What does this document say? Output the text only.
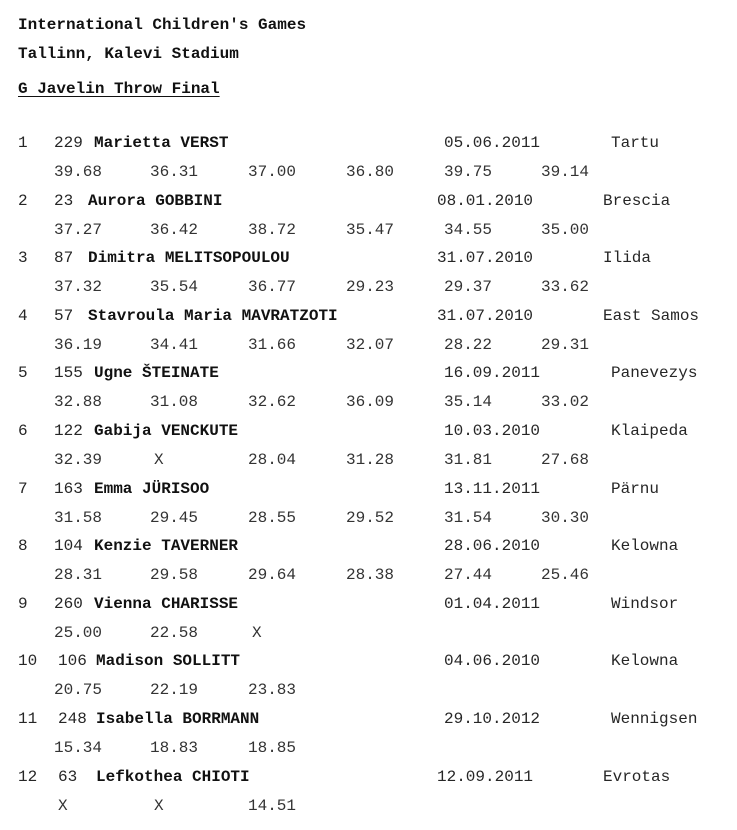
International Children's Games
Tallinn, Kalevi Stadium
G Javelin Throw Final
1 229 Marietta VERST	05.06.2011	Tartu
39.68	36.31	37.00	36.80	39.75	39.14
2 23 Aurora GOBBINI	08.01.2010	Brescia
37.27	36.42	38.72	35.47	34.55	35.00
3 87 Dimitra MELITSOPOULOU	31.07.2010	Ilida
37.32	35.54	36.77	29.23	29.37	33.62
4 57 Stavroula Maria MAVRATZOTI	31.07.2010	East Samos
36.19	34.41	31.66	32.07	28.22	29.31
5 155 Ugne ŠTEINATE	16.09.2011	Panevezys
32.88	31.08	32.62	36.09	35.14	33.02
6 122 Gabija VENCKUTE	10.03.2010	Klaipeda
32.39	X	28.04	31.28	31.81	27.68
7 163 Emma JÜRISOO	13.11.2011	Pärnu
31.58	29.45	28.55	29.52	31.54	30.30
8 104 Kenzie TAVERNER	28.06.2010	Kelowna
28.31	29.58	29.64	28.38	27.44	25.46
9 260 Vienna CHARISSE	01.04.2011	Windsor
25.00	22.58	X
10 106 Madison SOLLITT	04.06.2010	Kelowna
20.75	22.19	23.83
11 248 Isabella BORRMANN	29.10.2012	Wennigsen
15.34	18.83	18.85
12 63 Lefkothea CHIOTI	12.09.2011	Evrotas
X	X	14.51
